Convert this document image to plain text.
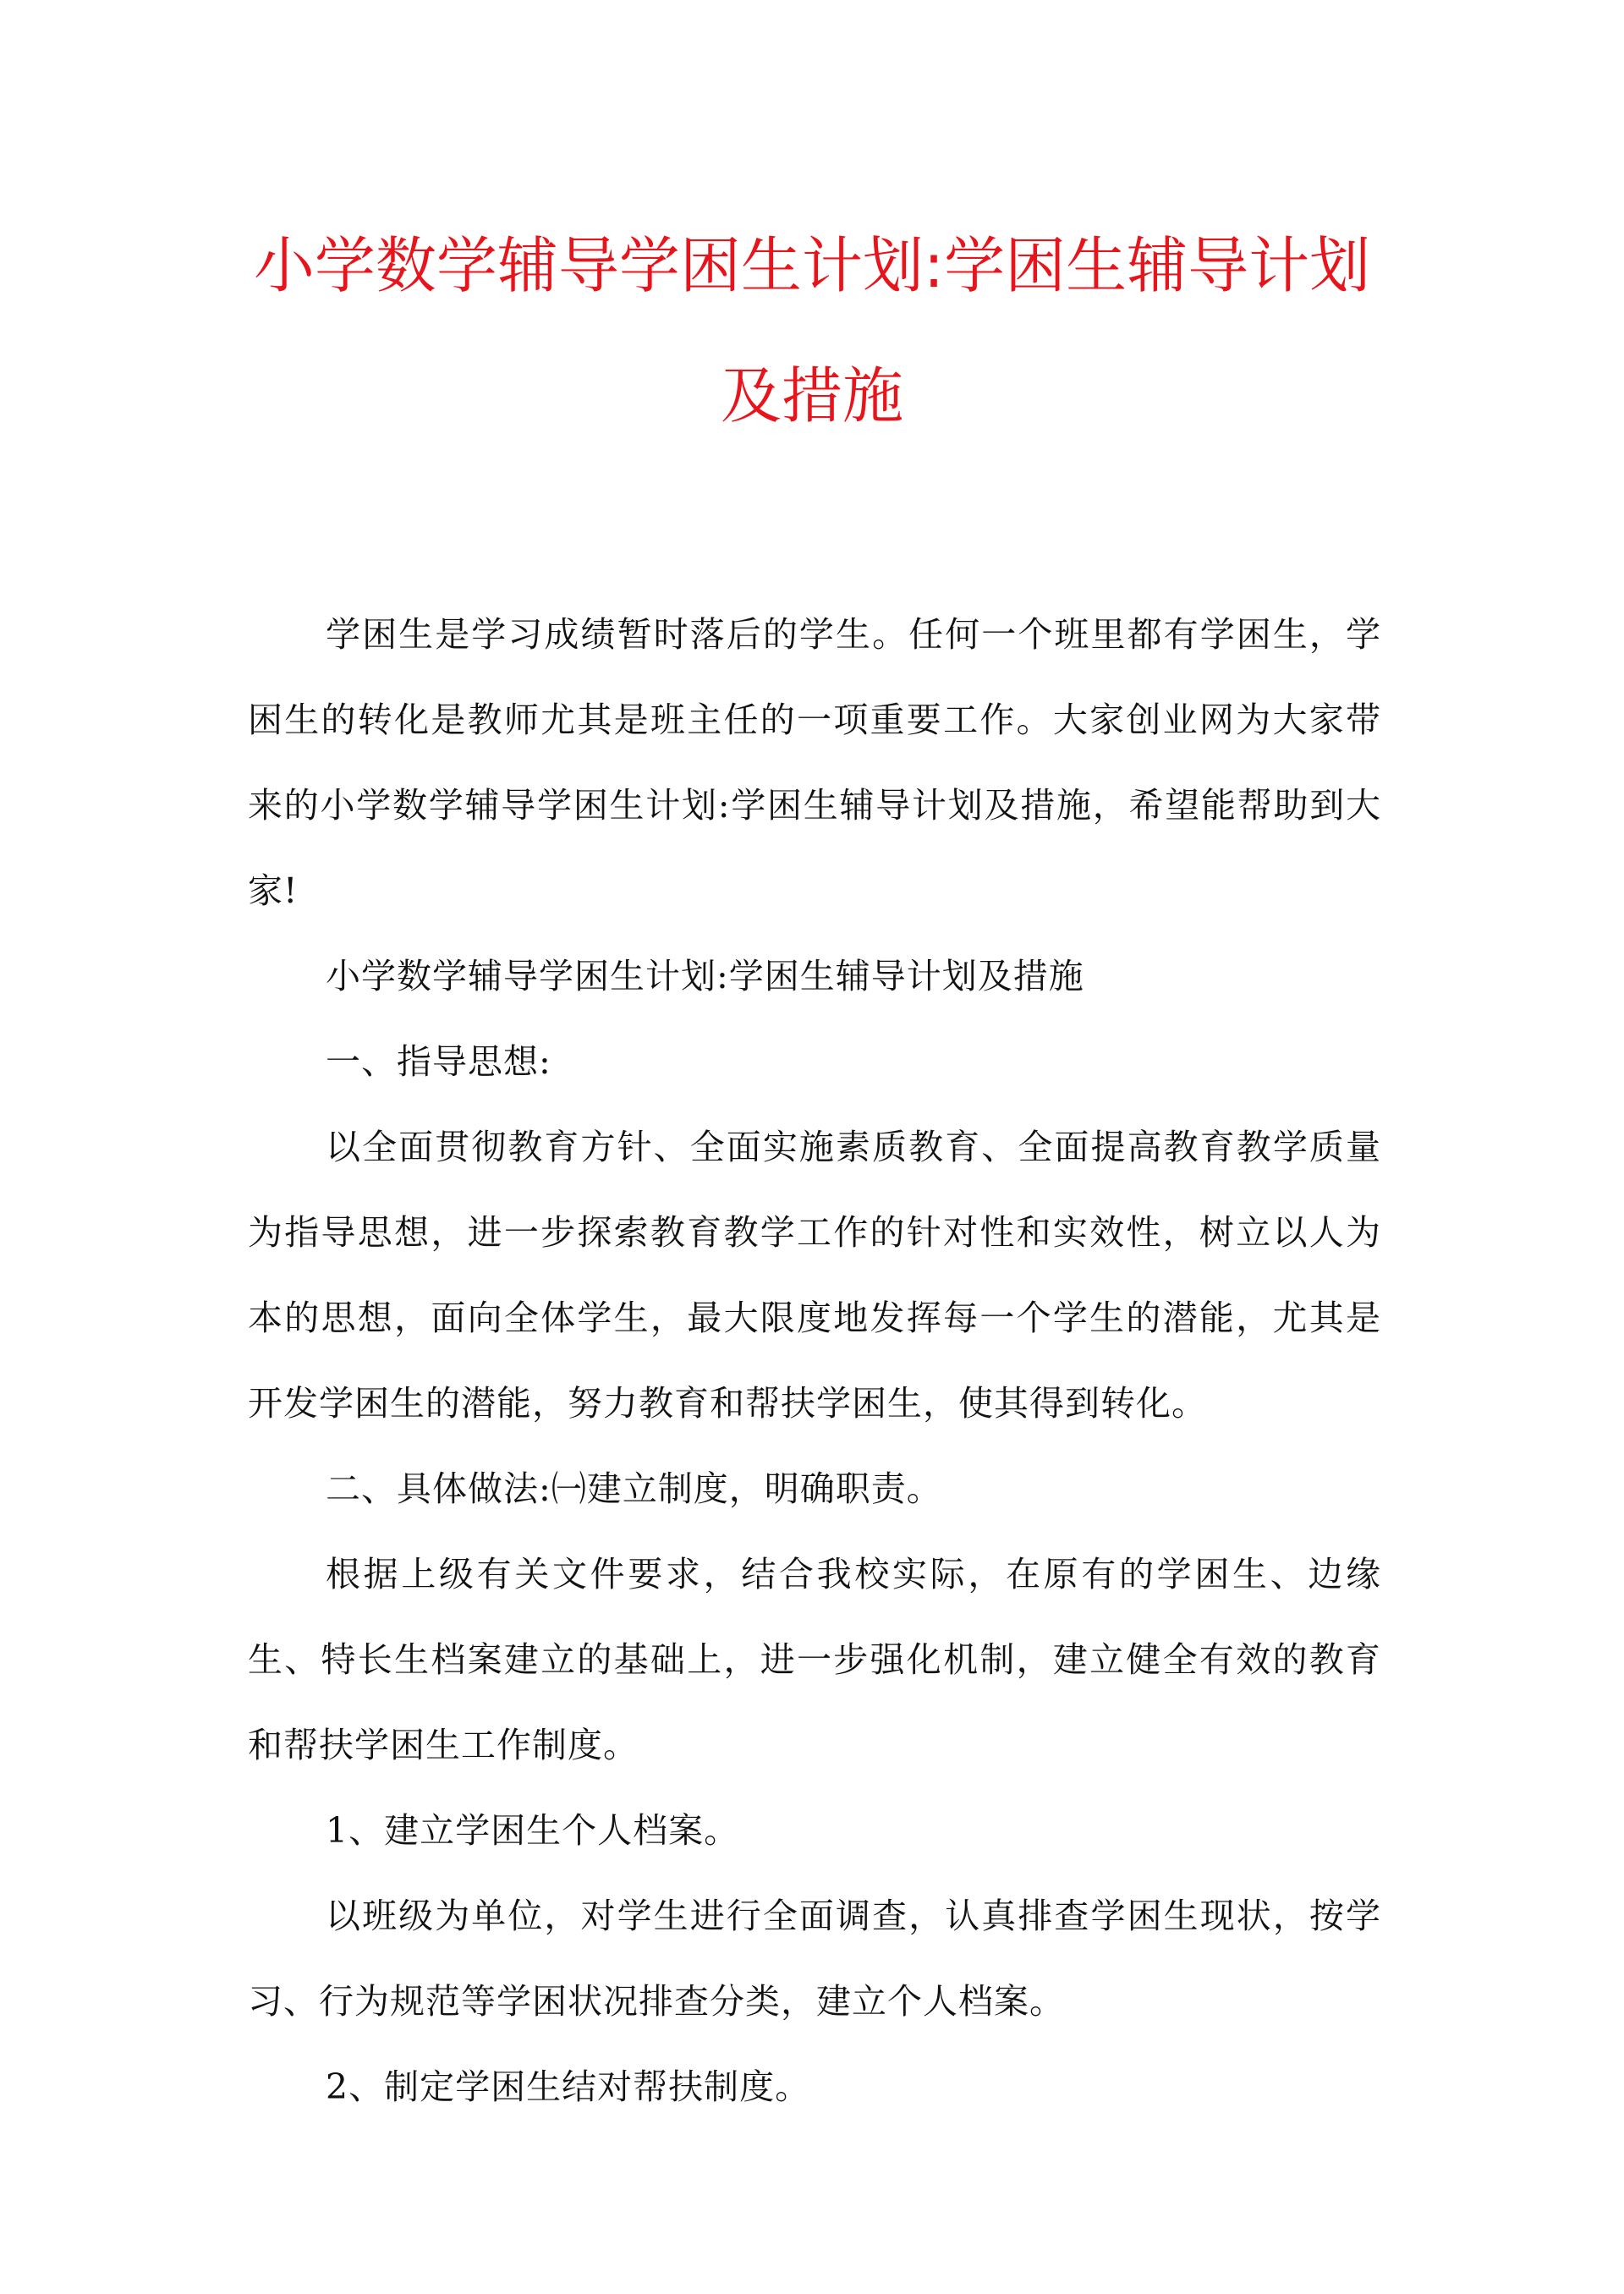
小学数学辅导学困生计划:学困生辅导计划
及措施

学困生是学习成绩暂时落后的学生。任何一个班里都有学困生，学困生的转化是教师尤其是班主任的一项重要工作。大家创业网为大家带来的小学数学辅导学困生计划:学困生辅导计划及措施，希望能帮助到大家!

小学数学辅导学困生计划:学困生辅导计划及措施

一、指导思想:

以全面贯彻教育方针、全面实施素质教育、全面提高教育教学质量为指导思想，进一步探索教育教学工作的针对性和实效性，树立以人为本的思想，面向全体学生，最大限度地发挥每一个学生的潜能，尤其是开发学困生的潜能，努力教育和帮扶学困生，使其得到转化。

二、具体做法:㈠建立制度，明确职责。

根据上级有关文件要求，结合我校实际，在原有的学困生、边缘生、特长生档案建立的基础上，进一步强化机制，建立健全有效的教育和帮扶学困生工作制度。

1、建立学困生个人档案。

以班级为单位，对学生进行全面调查，认真排查学困生现状，按学习、行为规范等学困状况排查分类，建立个人档案。

2、制定学困生结对帮扶制度。
